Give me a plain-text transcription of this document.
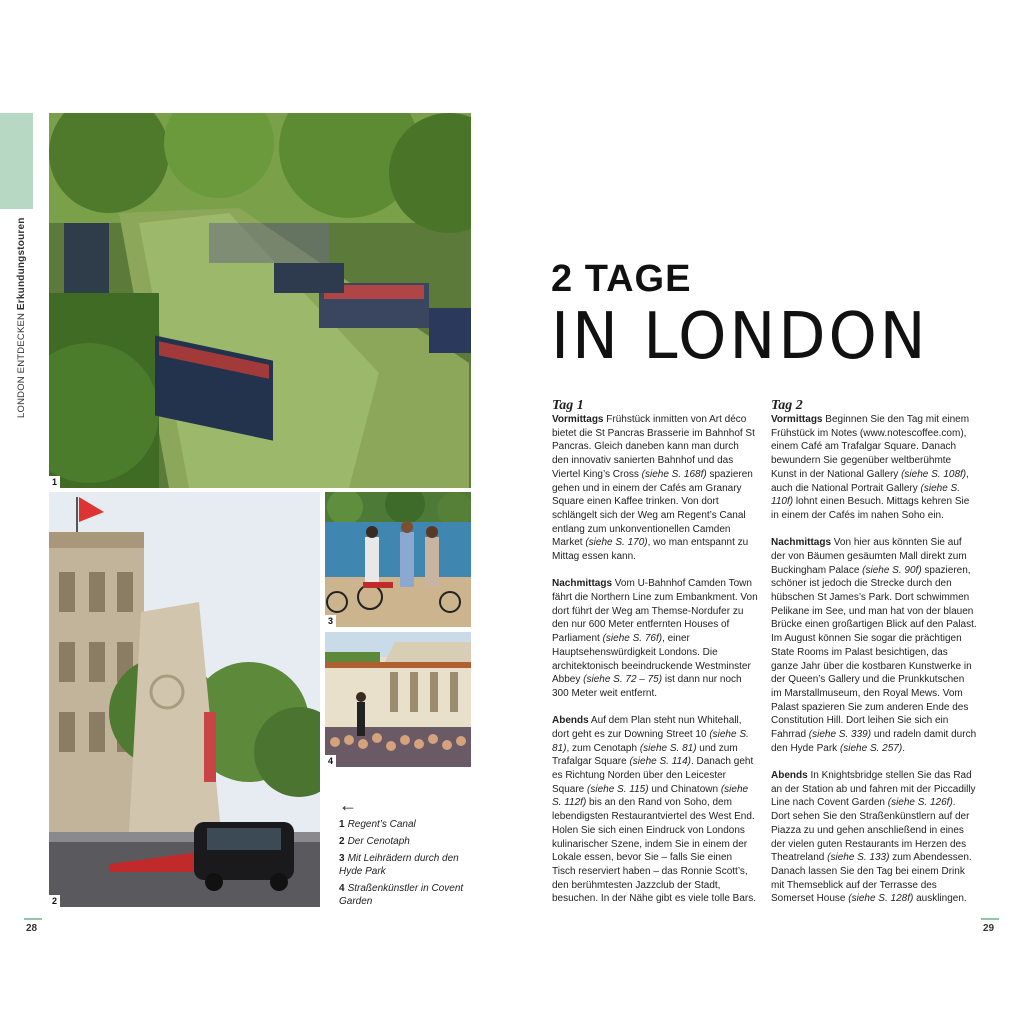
LONDON ENTDECKEN Erkundungstouren
1
2
3
4
←
1 Regent’s Canal
2 Der Cenotaph
3 Mit Leihrädern durch den Hyde Park
4 Straßenkünstler in Covent Garden
28	29
2 TAGE
IN LONDON
Tag 1

Vormittags Frühstück inmitten von Art déco bietet die St Pancras Brasserie im Bahnhof St Pancras. Gleich daneben kann man durch den innovativ sanierten Bahnhof und das Viertel King’s Cross (siehe S. 168f) spazieren gehen und in einem der Cafés am Granary Square einen Kaffee trinken. Von dort schlängelt sich der Weg am Regent’s Canal entlang zum unkonventionellen Camden Market (siehe S. 170), wo man entspannt zu Mittag essen kann.

Nachmittags Vom U-Bahnhof Camden Town fährt die Northern Line zum Embankment. Von dort führt der Weg am Themse-Nordufer zu den nur 600 Meter entfernten Houses of Parliament (siehe S. 76f), einer Hauptsehenswürdigkeit Londons. Die architektonisch beeindruckende Westminster Abbey (siehe S. 72 – 75) ist dann nur noch 300 Meter weit entfernt.

Abends Auf dem Plan steht nun Whitehall, dort geht es zur Downing Street 10 (siehe S. 81), zum Cenotaph (siehe S. 81) und zum Trafalgar Square (siehe S. 114). Danach geht es Richtung Norden über den Leicester Square (siehe S. 115) und Chinatown (siehe S. 112f) bis an den Rand von Soho, dem lebendigsten Restaurantviertel des West End. Holen Sie sich einen Eindruck von Londons kulinarischer Szene, indem Sie in einem der Lokale essen, bevor Sie – falls Sie einen Tisch reserviert haben – das Ronnie Scott’s, den berühmtesten Jazzclub der Stadt, besuchen. In der Nähe gibt es viele tolle Bars.

Tag 2

Vormittags Beginnen Sie den Tag mit einem Frühstück im Notes (www.notescoffee.com), einem Café am Trafalgar Square. Danach bewundern Sie gegenüber weltberühmte Kunst in der National Gallery (siehe S. 108f), auch die National Portrait Gallery (siehe S. 110f) lohnt einen Besuch. Mittags kehren Sie in einem der Cafés im nahen Soho ein.

Nachmittags Von hier aus könnten Sie auf der von Bäumen gesäumten Mall direkt zum Buckingham Palace (siehe S. 90f) spazieren, schöner ist jedoch die Strecke durch den hübschen St James’s Park. Dort schwimmen Pelikane im See, und man hat von der blauen Brücke einen großartigen Blick auf den Palast. Im August können Sie sogar die prächtigen State Rooms im Palast besichtigen, das ganze Jahr über die kostbaren Kunstwerke in der Queen’s Gallery und die Prunkkutschen im Marstallmuseum, den Royal Mews. Vom Palast spazieren Sie zum anderen Ende des Constitution Hill. Dort leihen Sie sich ein Fahrrad (siehe S. 339) und radeln damit durch den Hyde Park (siehe S. 257).

Abends In Knightsbridge stellen Sie das Rad an der Station ab und fahren mit der Piccadilly Line nach Covent Garden (siehe S. 126f). Dort sehen Sie den Straßenkünstlern auf der Piazza zu und gehen anschließend in eines der vielen guten Restaurants im Herzen des Theatreland (siehe S. 133) zum Abendessen. Danach lassen Sie den Tag bei einem Drink mit Themseblick auf der Terrasse des Somerset House (siehe S. 128f) ausklingen.
